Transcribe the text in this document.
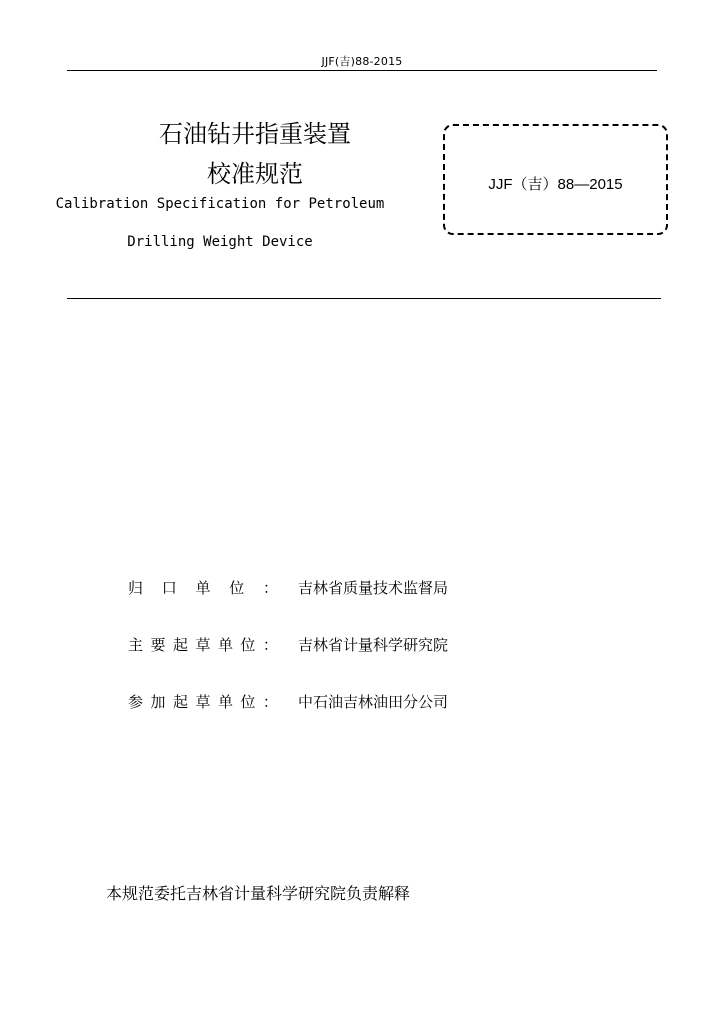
JJF(吉)88-2015
石油钻井指重装置
校准规范
Calibration Specification for Petroleum
Drilling Weight Device
JJF（吉）88—2015
归 口 单 位 ： 吉林省质量技术监督局
主 要 起 草 单 位 ： 吉林省计量科学研究院
参 加 起 草 单 位 ： 中石油吉林油田分公司
本规范委托吉林省计量科学研究院负责解释
